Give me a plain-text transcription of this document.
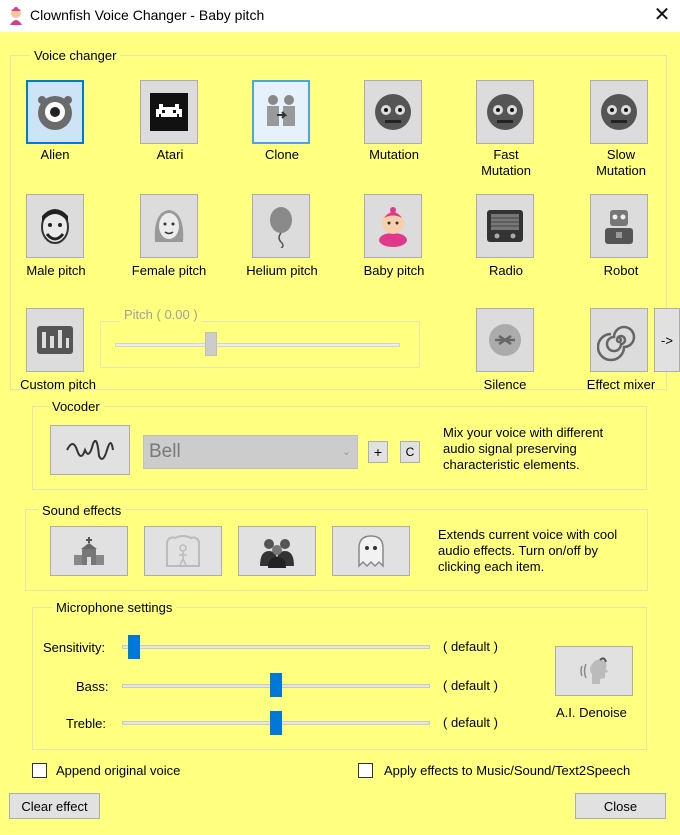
Clownfish Voice Changer - Baby pitch	✕
Voice changer
Alien	Atari	Clone	Mutation	Fast
Mutation
Slow
Mutation
Male pitch	Female pitch	Helium pitch	Baby pitch	Radio	Robot
Custom pitch
Pitch ( 0.00 )
Silence	Effect mixer
->
Vocoder
Bell	⌄	+	C
Mix your voice with different audio signal preserving characteristic elements.
Sound effects
Extends current voice with cool audio effects. Turn on/off by clicking each item.
Microphone settings
Sensitivity:	( default )
Bass:	( default )
Treble:	( default )
A.I. Denoise
Append original voice	Apply effects to Music/Sound/Text2Speech
Clear effect	Close
